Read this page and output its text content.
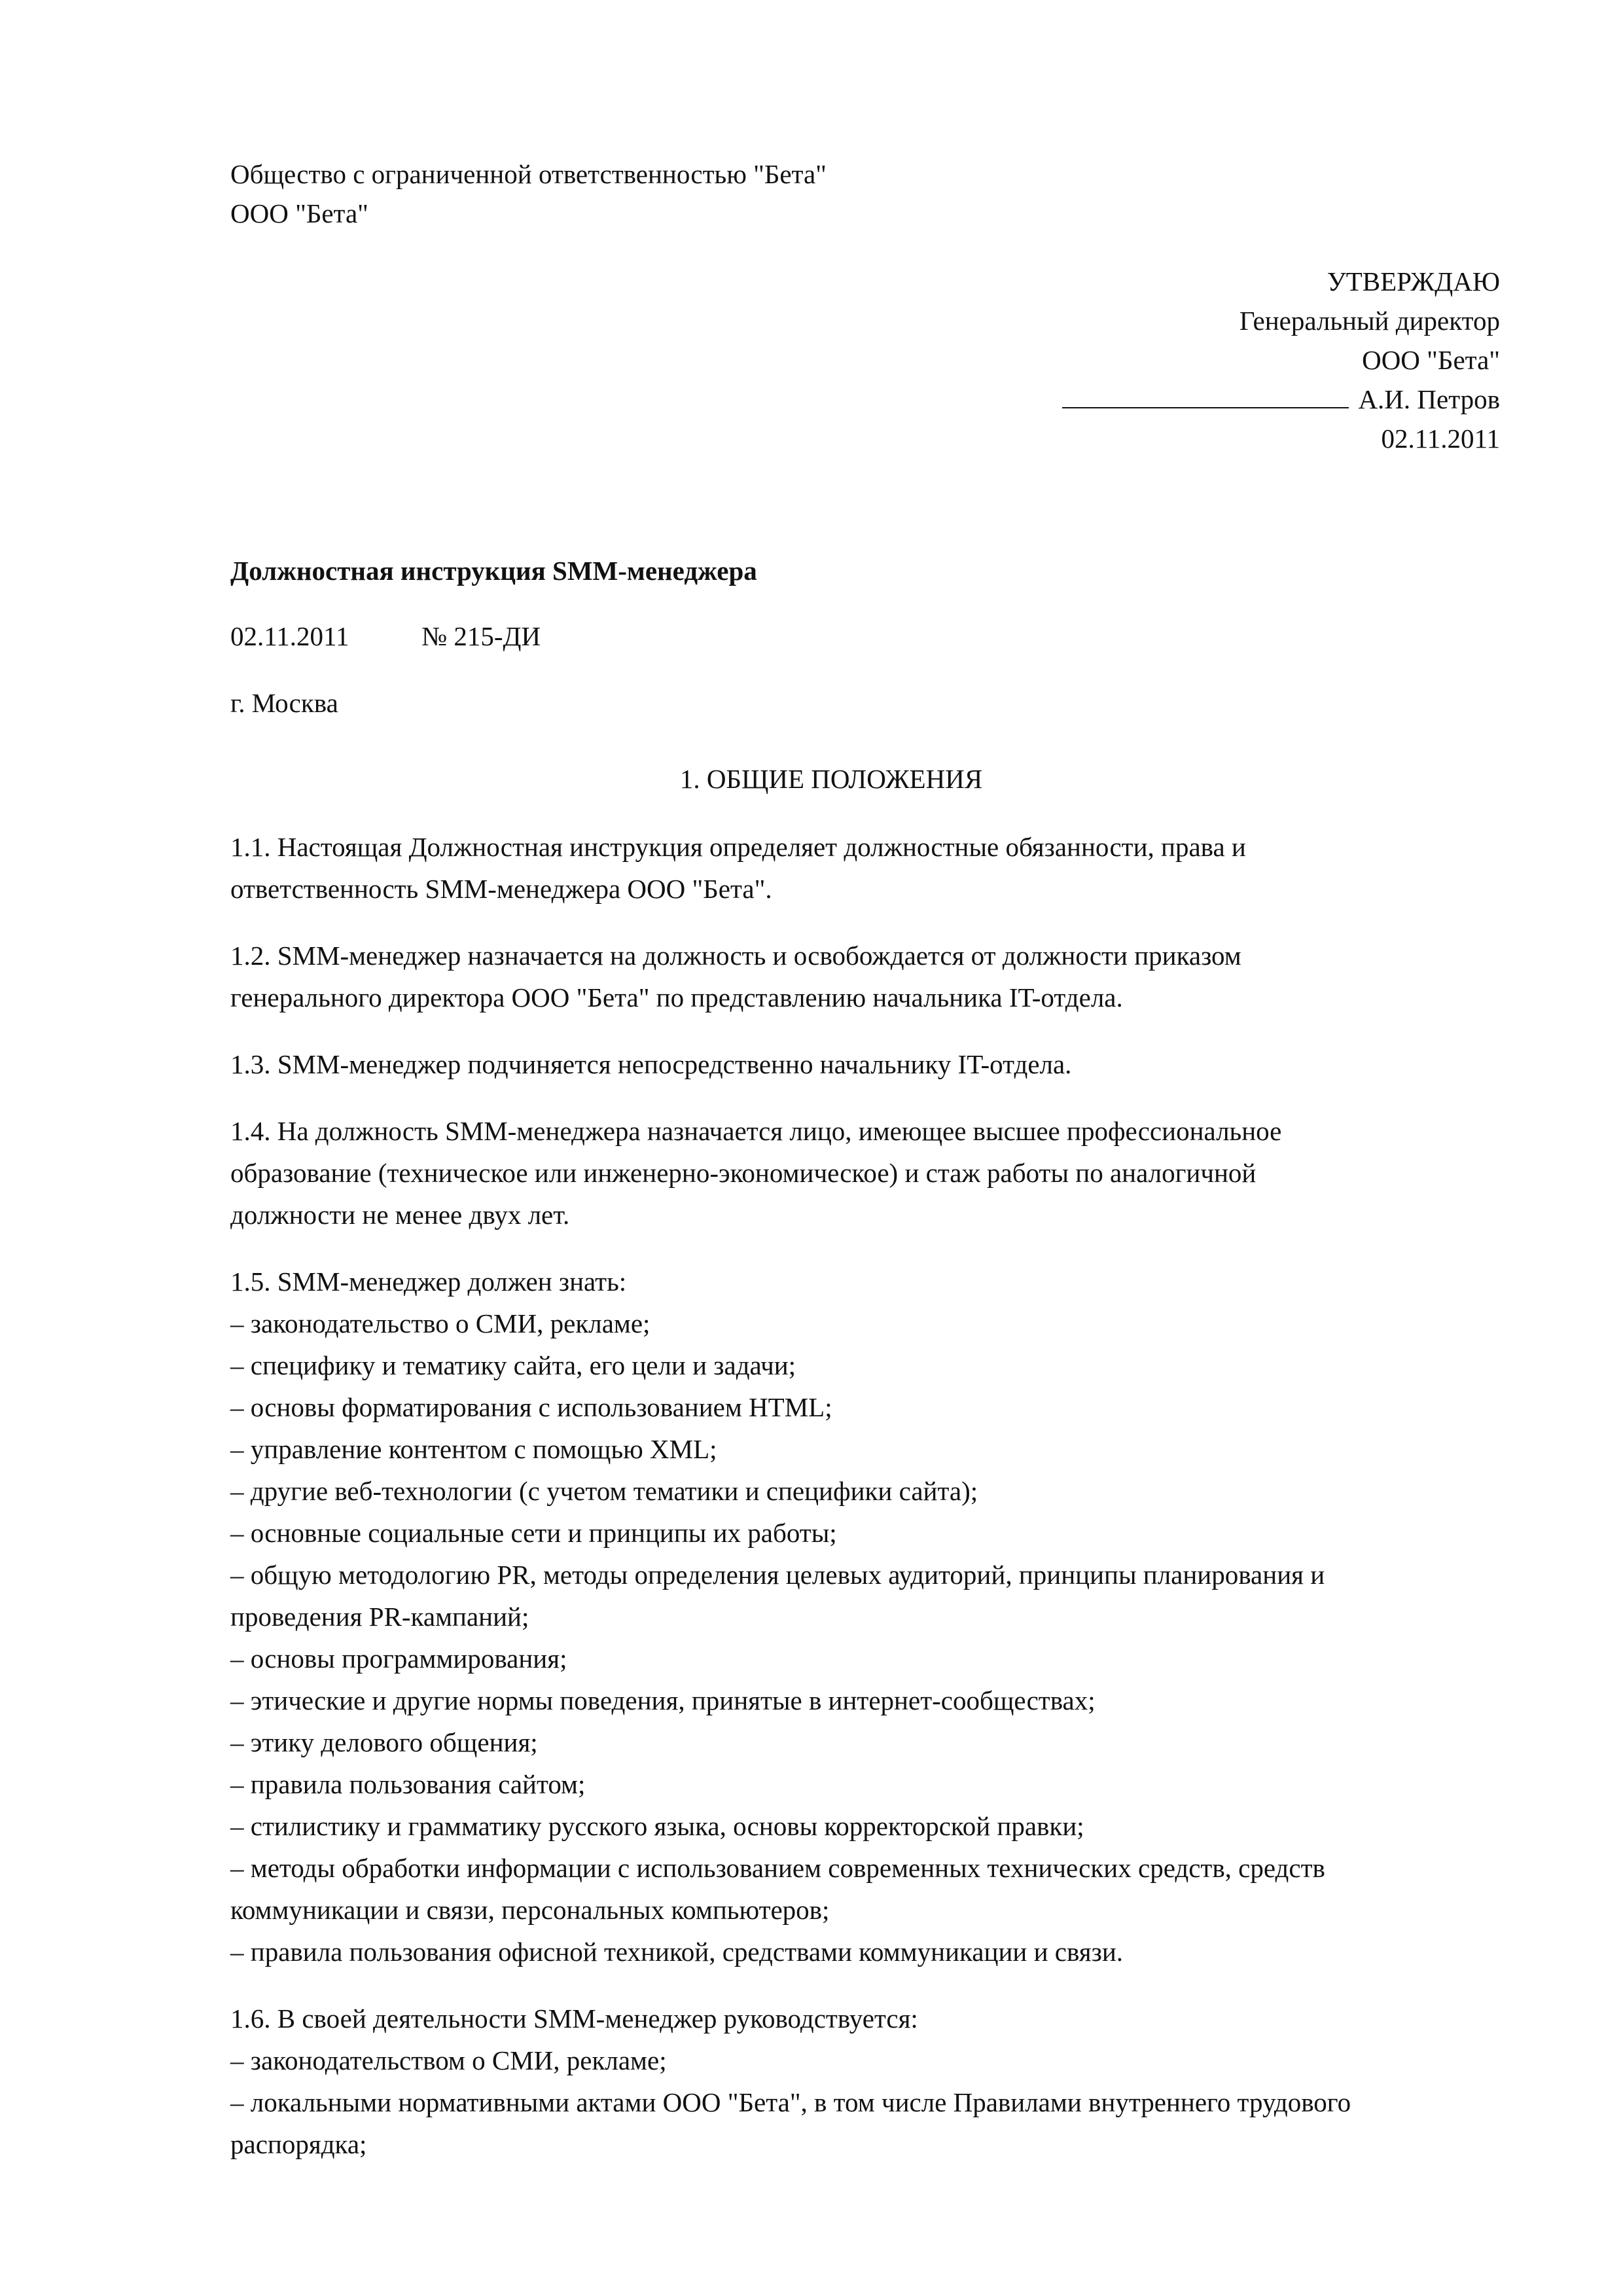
Общество с ограниченной ответственностью "Бета"
ООО "Бета"
УТВЕРЖДАЮ
Генеральный директор
ООО "Бета"
А.И. Петров
02.11.2011
Должностная инструкция SMM-менеджера
02.11.2011	№ 215-ДИ
г. Москва
1. ОБЩИЕ ПОЛОЖЕНИЯ
1.1. Настоящая Должностная инструкция определяет должностные обязанности, права и
ответственность SMM-менеджера ООО "Бета".
1.2. SMM-менеджер назначается на должность и освобождается от должности приказом
генерального директора ООО "Бета" по представлению начальника IT-отдела.
1.3. SMM-менеджер подчиняется непосредственно начальнику IT-отдела.
1.4. На должность SMM-менеджера назначается лицо, имеющее высшее профессиональное
образование (техническое или инженерно-экономическое) и стаж работы по аналогичной
должности не менее двух лет.
1.5. SMM-менеджер должен знать:
– законодательство о СМИ, рекламе;
– специфику и тематику сайта, его цели и задачи;
– основы форматирования с использованием HTML;
– управление контентом с помощью XML;
– другие веб-технологии (с учетом тематики и специфики сайта);
– основные социальные сети и принципы их работы;
– общую методологию PR, методы определения целевых аудиторий, принципы планирования и
проведения PR-кампаний;
– основы программирования;
– этические и другие нормы поведения, принятые в интернет-сообществах;
– этику делового общения;
– правила пользования сайтом;
– стилистику и грамматику русского языка, основы корректорской правки;
– методы обработки информации с использованием современных технических средств, средств
коммуникации и связи, персональных компьютеров;
– правила пользования офисной техникой, средствами коммуникации и связи.
1.6. В своей деятельности SMM-менеджер руководствуется:
– законодательством о СМИ, рекламе;
– локальными нормативными актами ООО "Бета", в том числе Правилами внутреннего трудового
распорядка;
